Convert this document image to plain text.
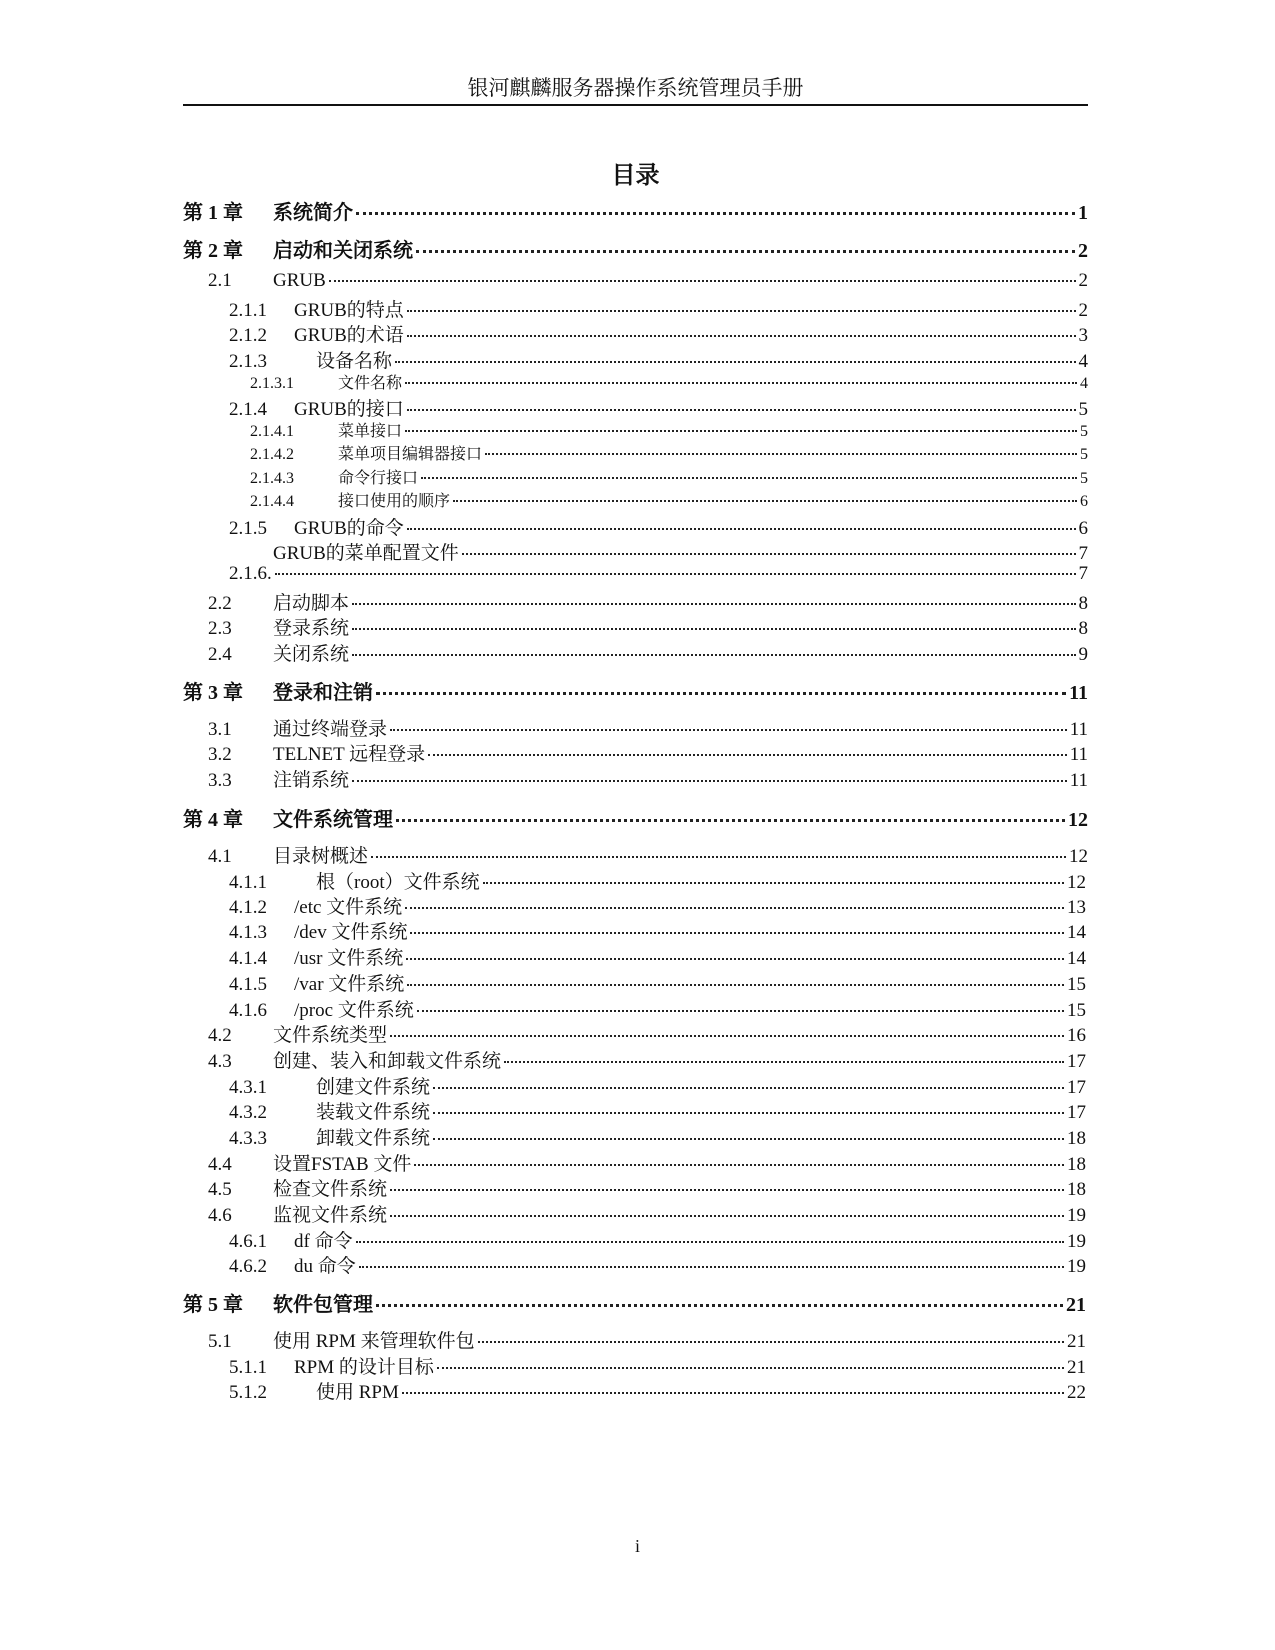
银河麒麟服务器操作系统管理员手册
目录
第 1 章	系统简介	1
第 2 章	启动和关闭系统	2
2.1	GRUB	2
2.1.1	GRUB的特点	2
2.1.2	GRUB的术语	3
2.1.3	设备名称	4
2.1.3.1	文件名称	4
2.1.4	GRUB的接口	5
2.1.4.1	菜单接口	5
2.1.4.2	菜单项目编辑器接口	5
2.1.4.3	命令行接口	5
2.1.4.4	接口使用的顺序	6
2.1.5	GRUB的命令	6
GRUB的菜单配置文件	7
2.1.6.	7
2.2	启动脚本	8
2.3	登录系统	8
2.4	关闭系统	9
第 3 章	登录和注销	11
3.1	通过终端登录	11
3.2	TELNET 远程登录	11
3.3	注销系统	11
第 4 章	文件系统管理	12
4.1	目录树概述	12
4.1.1	根（root）文件系统	12
4.1.2	/etc 文件系统	13
4.1.3	/dev 文件系统	14
4.1.4	/usr 文件系统	14
4.1.5	/var 文件系统	15
4.1.6	/proc 文件系统	15
4.2	文件系统类型	16
4.3	创建、装入和卸载文件系统	17
4.3.1	创建文件系统	17
4.3.2	装载文件系统	17
4.3.3	卸载文件系统	18
4.4	设置FSTAB 文件	18
4.5	检查文件系统	18
4.6	监视文件系统	19
4.6.1	df 命令	19
4.6.2	du 命令	19
第 5 章	软件包管理	21
5.1	使用 RPM 来管理软件包	21
5.1.1	RPM 的设计目标	21
5.1.2	使用 RPM	22
i
